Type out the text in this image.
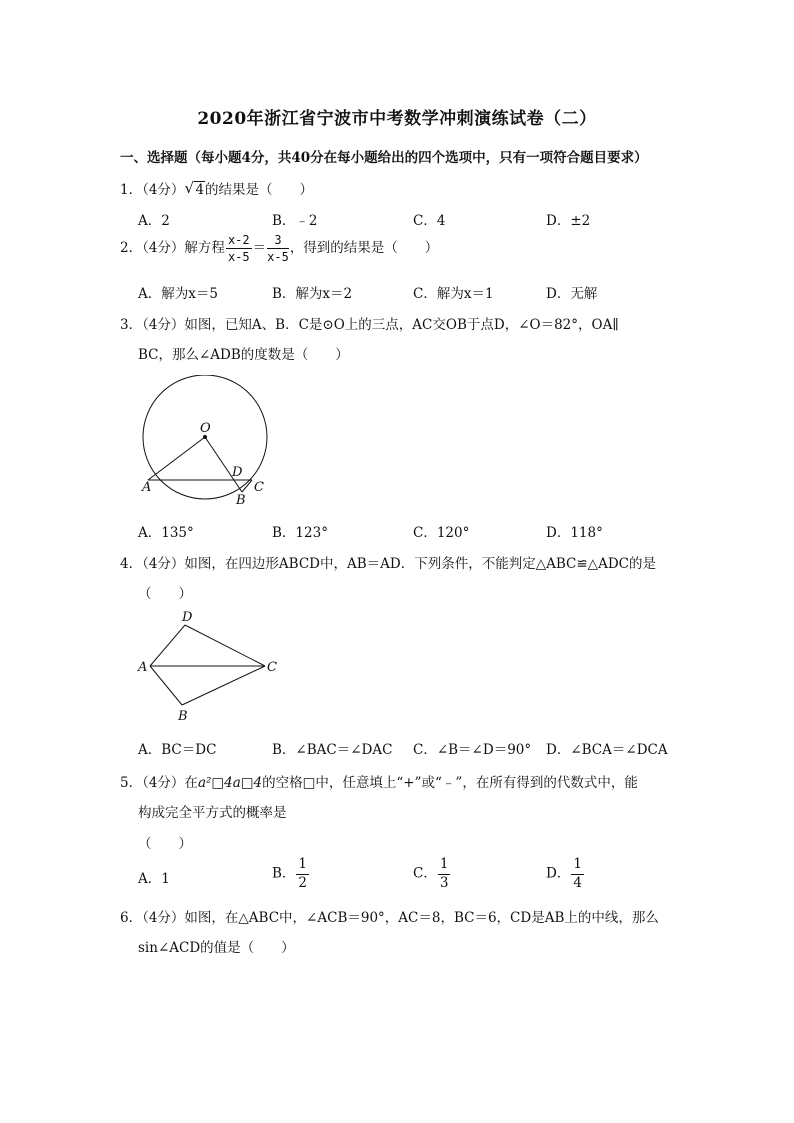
2020年浙江省宁波市中考数学冲刺演练试卷（二）
一、选择题（每小题4分，共40分在每小题给出的四个选项中，只有一项符合题目要求）
1．（4分） √ 4的结果是（　　）
A．2	B．﹣2	C．4	D．±2
2．（4分）解方程 $\frac{x-2}{x-5} = \frac{3}{x-5}$ ，得到的结果是（　　）
A．解为x＝5	B．解为x＝2	C．解为x＝1	D．无解
3．（4分）如图，已知A、B．C是⊙O上的三点，AC交OB于点D，∠O＝82°，OA∥
BC，那么∠ADB的度数是（　　）
O
D
A	C
B
A．135°	B．123°	C．120°	D．118°
4．（4分）如图，在四边形ABCD中，AB＝AD．下列条件，不能判定△ABC≌△ADC的是
（　　）
D
A	C
B
A．BC＝DC	B．∠BAC＝∠DAC C．∠B＝∠D＝90° D．∠BCA＝∠DCA
5．（4分）在a²□4a□4的空格□中，任意填上“+”或“﹣”，在所有得到的代数式中，能
构成完全平方式的概率是
（　　）
A．1	B． $\frac{1}{2}$	C． $\frac{1}{3}$	D． $\frac{1}{4}$
6．（4分）如图，在△ABC中，∠ACB＝90°，AC＝8，BC＝6，CD是AB上的中线，那么
sin∠ACD的值是（　　）
